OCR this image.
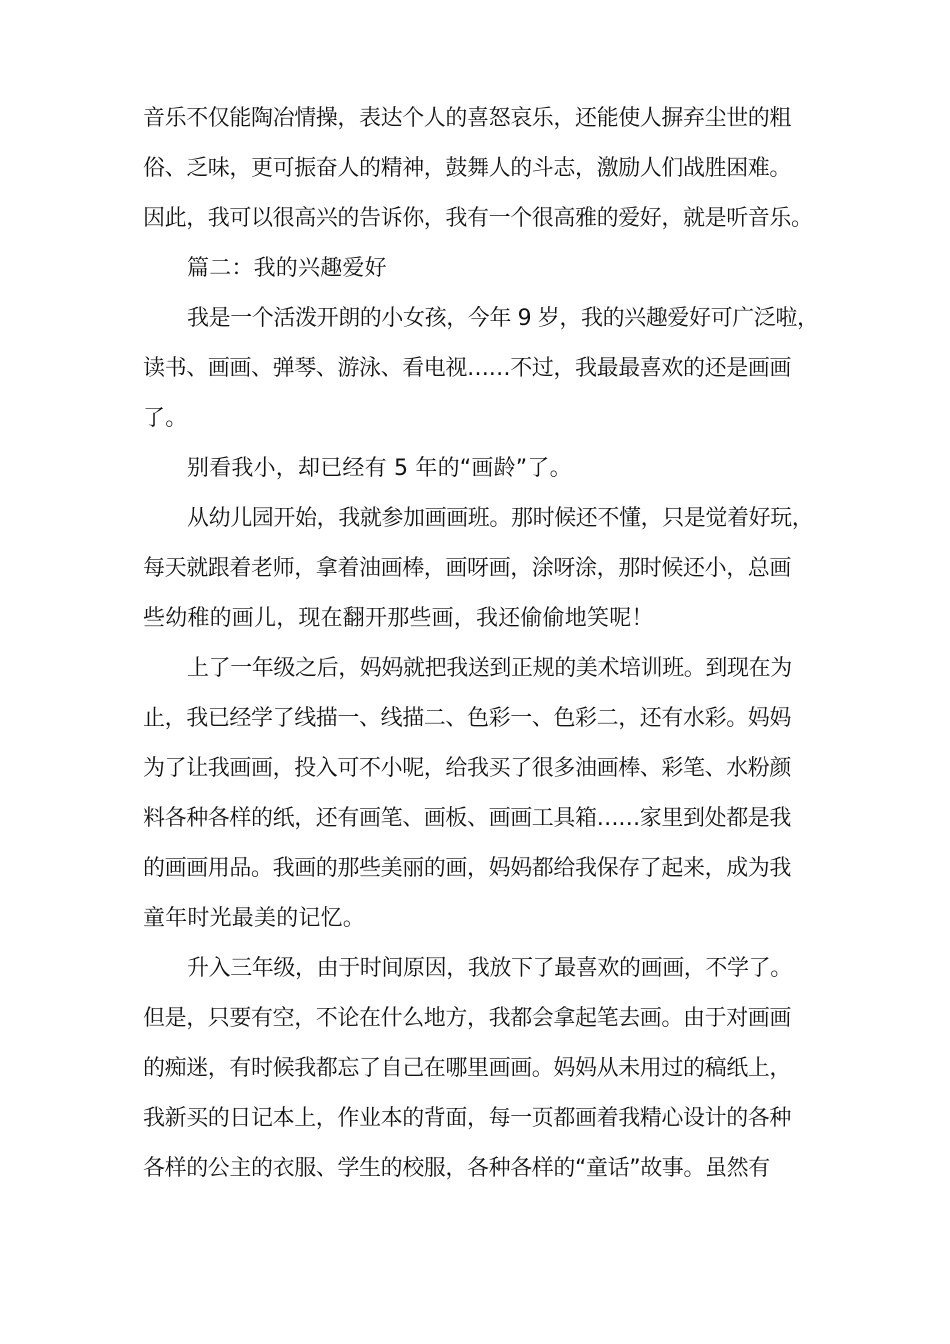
音乐不仅能陶冶情操，表达个人的喜怒哀乐，还能使人摒弃尘世的粗
俗、乏味，更可振奋人的精神，鼓舞人的斗志，激励人们战胜困难。
因此，我可以很高兴的告诉你，我有一个很高雅的爱好，就是听音乐。
篇二：我的兴趣爱好
我是一个活泼开朗的小女孩，今年 9 岁，我的兴趣爱好可广泛啦，
读书、画画、弹琴、游泳、看电视……不过，我最最喜欢的还是画画
了。
别看我小，却已经有 5 年的“画龄”了。
从幼儿园开始，我就参加画画班。那时候还不懂，只是觉着好玩，
每天就跟着老师，拿着油画棒，画呀画，涂呀涂，那时候还小，总画
些幼稚的画儿，现在翻开那些画，我还偷偷地笑呢！
上了一年级之后，妈妈就把我送到正规的美术培训班。到现在为
止，我已经学了线描一、线描二、色彩一、色彩二，还有水彩。妈妈
为了让我画画，投入可不小呢，给我买了很多油画棒、彩笔、水粉颜
料各种各样的纸，还有画笔、画板、画画工具箱……家里到处都是我
的画画用品。我画的那些美丽的画，妈妈都给我保存了起来，成为我
童年时光最美的记忆。
升入三年级，由于时间原因，我放下了最喜欢的画画，不学了。
但是，只要有空，不论在什么地方，我都会拿起笔去画。由于对画画
的痴迷，有时候我都忘了自己在哪里画画。妈妈从未用过的稿纸上，
我新买的日记本上，作业本的背面，每一页都画着我精心设计的各种
各样的公主的衣服、学生的校服，各种各样的“童话”故事。虽然有
